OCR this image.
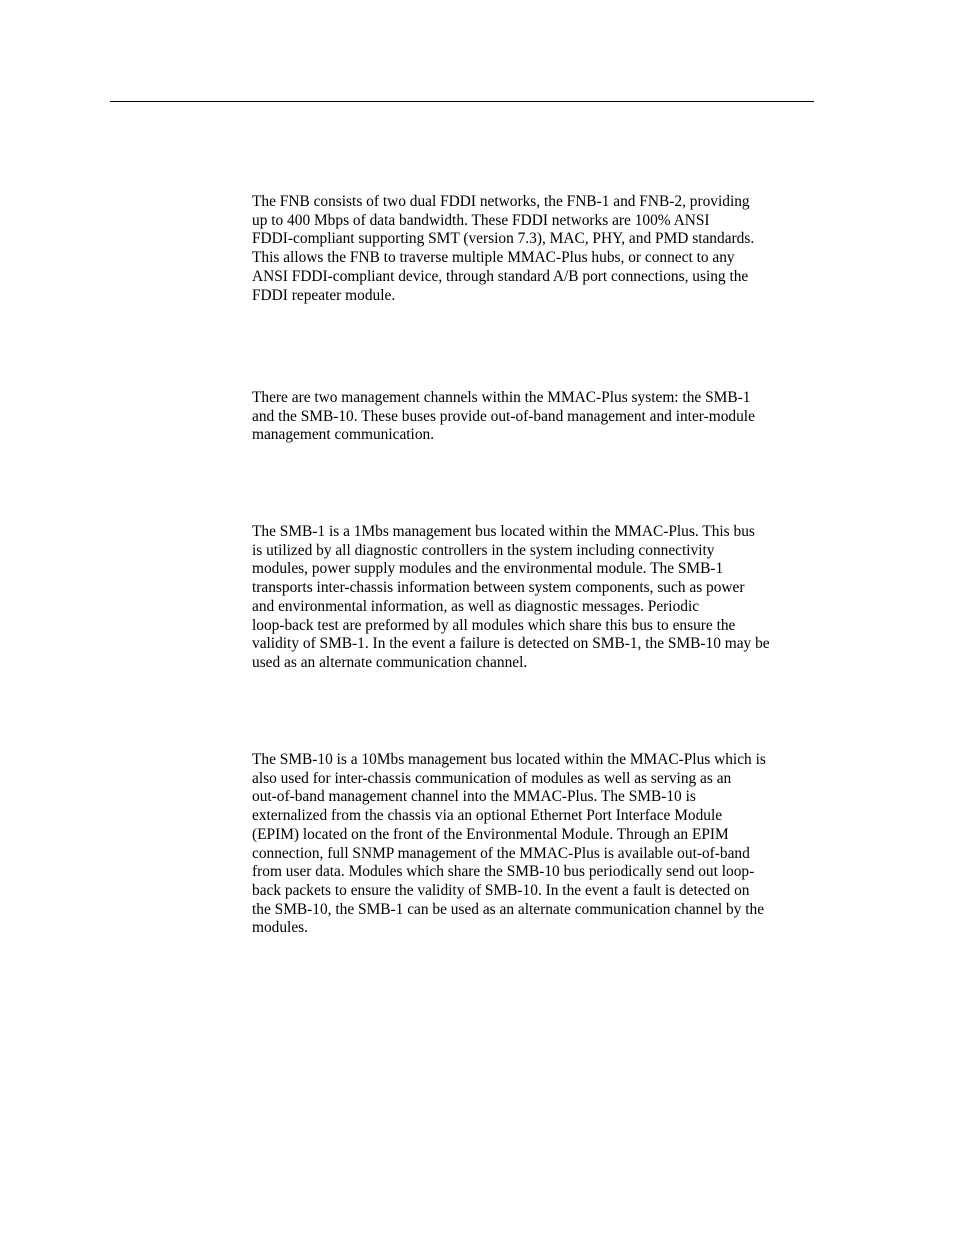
The FNB consists of two dual FDDI networks, the FNB-1 and FNB-2, providing
up to 400 Mbps of data bandwidth. These FDDI networks are 100% ANSI
FDDI-compliant supporting SMT (version 7.3), MAC, PHY, and PMD standards.
This allows the FNB to traverse multiple MMAC-Plus hubs, or connect to any
ANSI FDDI-compliant device, through standard A/B port connections, using the
FDDI repeater module.
There are two management channels within the MMAC-Plus system: the SMB-1
and the SMB-10. These buses provide out-of-band management and inter-module
management communication.
The SMB-1 is a 1Mbs management bus located within the MMAC-Plus. This bus
is utilized by all diagnostic controllers in the system including connectivity
modules, power supply modules and the environmental module. The SMB-1
transports inter-chassis information between system components, such as power
and environmental information, as well as diagnostic messages. Periodic
loop-back test are preformed by all modules which share this bus to ensure the
validity of SMB-1. In the event a failure is detected on SMB-1, the SMB-10 may be
used as an alternate communication channel.
The SMB-10 is a 10Mbs management bus located within the MMAC-Plus which is
also used for inter-chassis communication of modules as well as serving as an
out-of-band management channel into the MMAC-Plus. The SMB-10 is
externalized from the chassis via an optional Ethernet Port Interface Module
(EPIM) located on the front of the Environmental Module. Through an EPIM
connection, full SNMP management of the MMAC-Plus is available out-of-band
from user data. Modules which share the SMB-10 bus periodically send out loop-
back packets to ensure the validity of SMB-10. In the event a fault is detected on
the SMB-10, the SMB-1 can be used as an alternate communication channel by the
modules.
